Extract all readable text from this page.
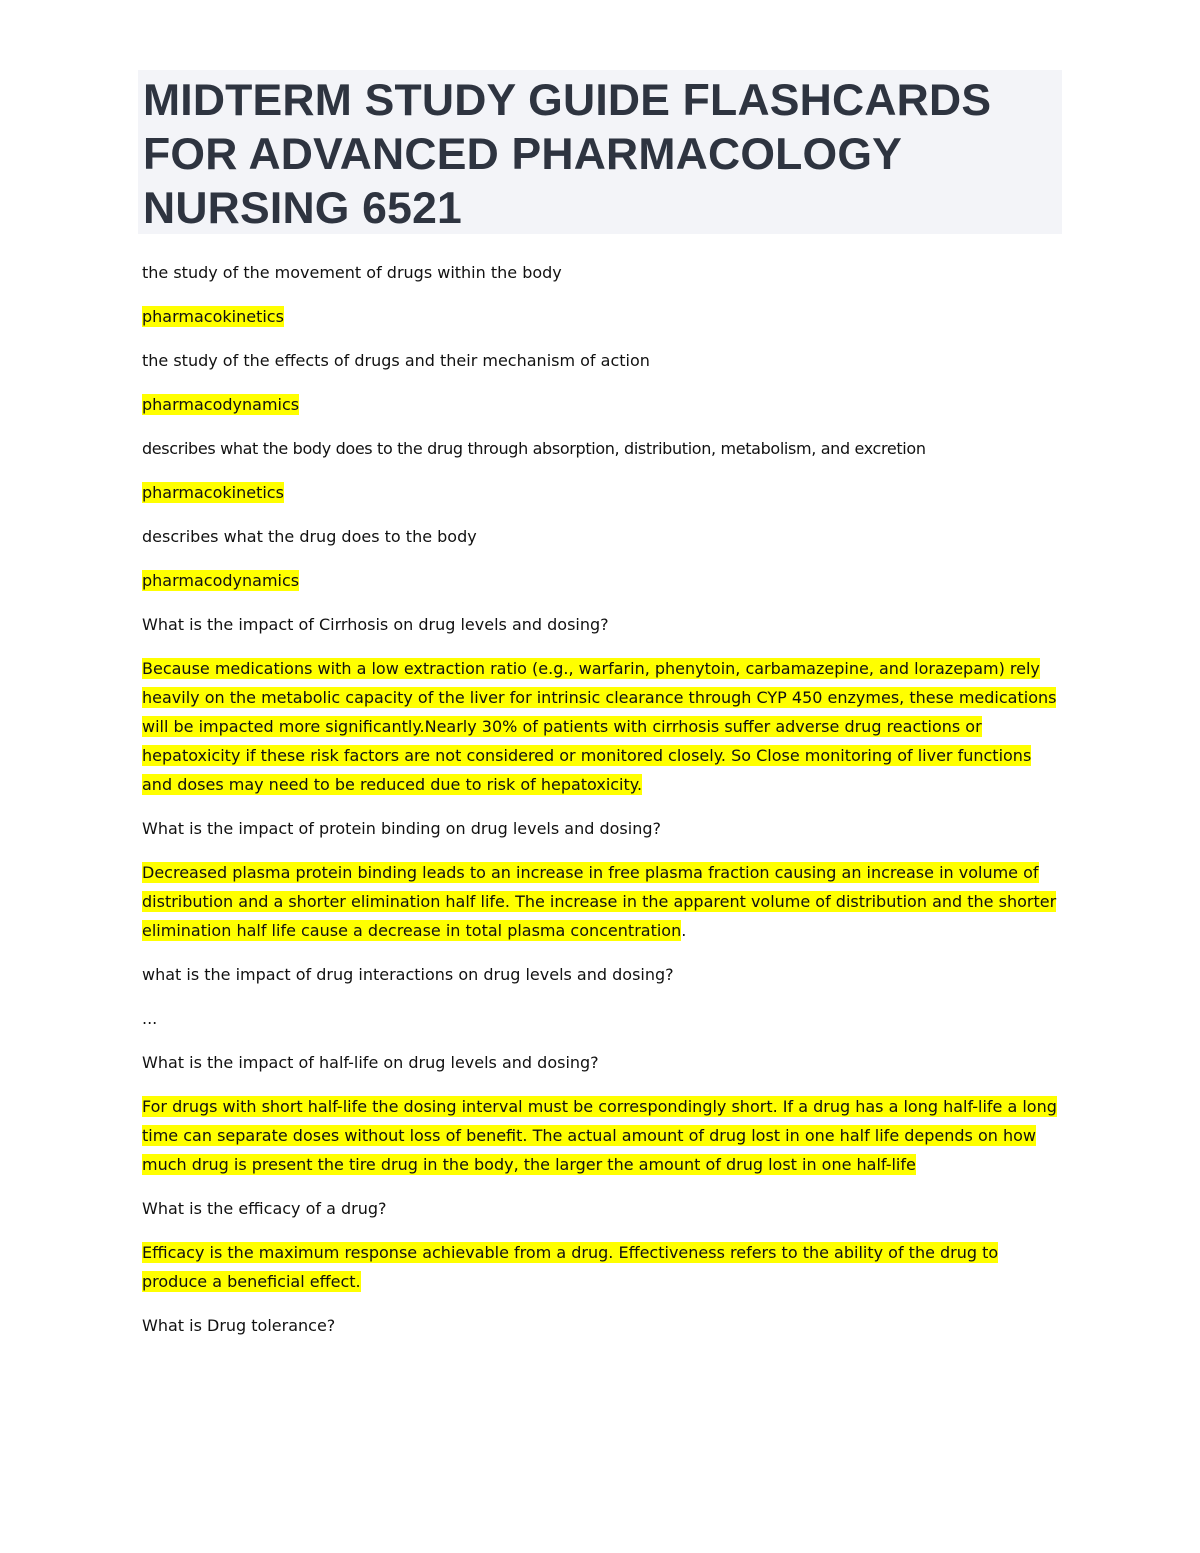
MIDTERM STUDY GUIDE FLASHCARDS FOR ADVANCED PHARMACOLOGY NURSING 6521
the study of the movement of drugs within the body
pharmacokinetics
the study of the effects of drugs and their mechanism of action
pharmacodynamics
describes what the body does to the drug through absorption, distribution, metabolism, and excretion
pharmacokinetics
describes what the drug does to the body
pharmacodynamics
What is the impact of Cirrhosis on drug levels and dosing?
Because medications with a low extraction ratio (e.g., warfarin, phenytoin, carbamazepine, and lorazepam) rely heavily on the metabolic capacity of the liver for intrinsic clearance through CYP 450 enzymes, these medications will be impacted more significantly.Nearly 30% of patients with cirrhosis suffer adverse drug reactions or hepatoxicity if these risk factors are not considered or monitored closely. So Close monitoring of liver functions and doses may need to be reduced due to risk of hepatoxicity.
What is the impact of protein binding on drug levels and dosing?
Decreased plasma protein binding leads to an increase in free plasma fraction causing an increase in volume of distribution and a shorter elimination half life. The increase in the apparent volume of distribution and the shorter elimination half life cause a decrease in total plasma concentration.
what is the impact of drug interactions on drug levels and dosing?
...
What is the impact of half-life on drug levels and dosing?
For drugs with short half-life the dosing interval must be correspondingly short. If a drug has a long half-life a long time can separate doses without loss of benefit. The actual amount of drug lost in one half life depends on how much drug is present the tire drug in the body, the larger the amount of drug lost in one half-life
What is the efficacy of a drug?
Efficacy is the maximum response achievable from a drug. Effectiveness refers to the ability of the drug to produce a beneficial effect.
What is Drug tolerance?
